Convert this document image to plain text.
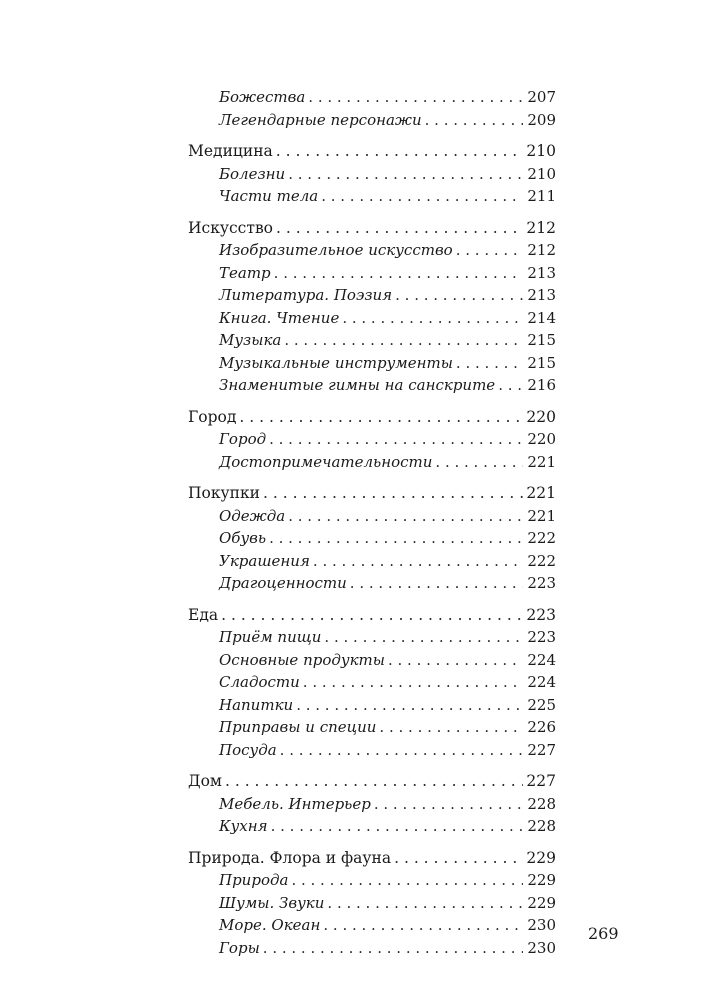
Божества . . .	207
Легендарные персонажи . . .	209
Медицина . . .	210
Болезни . . .	210
Части тела . . .	211
Искусство . . .	212
Изобразительное искусство . . .	212
Театр . . .	213
Литература. Поэзия . . .	213
Книга. Чтение . . .	214
Музыка . . .	215
Музыкальные инструменты . . .	215
Знаменитые гимны на санскрите . . . 216
Город . . .	220
Город . . .	220
Достопримечательности . . .	221
Покупки . . .	221
Одежда . . .	221
Обувь . . .	222
Украшения . . .	222
Драгоценности . . .	223
Еда . . .	223
Приём пищи . . .	223
Основные продукты . . .	224
Сладости . . .	224
Напитки . . .	225
Приправы и специи . . .	226
Посуда . . .	227
Дом . . .	227
Мебель. Интерьер . . .	228
Кухня . . .	228
Природа. Флора и фауна . . .	229
Природа . . .	229
Шумы. Звуки . . .	229
Море. Океан . . .	230
Горы . . .	230
269
